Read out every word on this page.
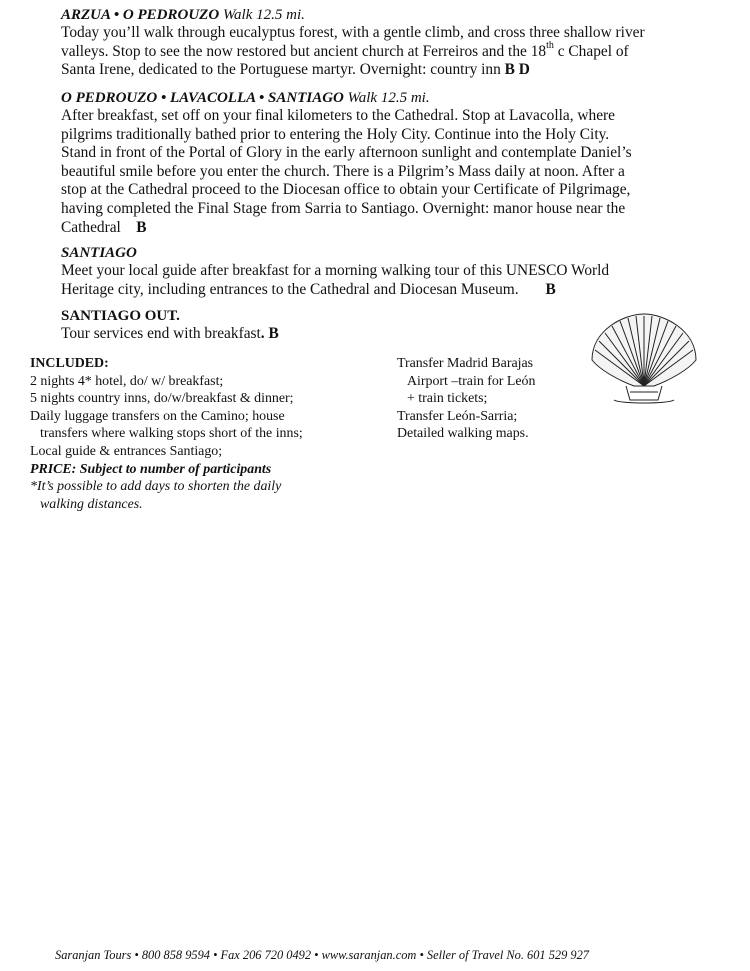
ARZUA • O PEDROUZO Walk 12.5 mi.
Today you’ll walk through eucalyptus forest, with a gentle climb, and cross three shallow river
valleys. Stop to see the now restored but ancient church at Ferreiros and the 18th c Chapel of
Santa Irene, dedicated to the Portuguese martyr. Overnight: country inn B D
O PEDROUZO • LAVACOLLA • SANTIAGO Walk 12.5 mi.
After breakfast, set off on your final kilometers to the Cathedral. Stop at Lavacolla, where
pilgrims traditionally bathed prior to entering the Holy City. Continue into the Holy City.
Stand in front of the Portal of Glory in the early afternoon sunlight and contemplate Daniel’s
beautiful smile before you enter the church. There is a Pilgrim’s Mass daily at noon. After a
stop at the Cathedral proceed to the Diocesan office to obtain your Certificate of Pilgrimage,
having completed the Final Stage from Sarria to Santiago. Overnight: manor house near the
Cathedral B
SANTIAGO
Meet your local guide after breakfast for a morning walking tour of this UNESCO World
Heritage city, including entrances to the Cathedral and Diocesan Museum. B
SANTIAGO OUT.
Tour services end with breakfast. B
INCLUDED:
2 nights 4* hotel, do/ w/ breakfast;
5 nights country inns, do/w/breakfast & dinner;
Daily luggage transfers on the Camino; house
transfers where walking stops short of the inns;
Local guide & entrances Santiago;
PRICE: Subject to number of participants
*It’s possible to add days to shorten the daily
walking distances.
Transfer Madrid Barajas
Airport –train for León
+ train tickets;
Transfer León-Sarria;
Detailed walking maps.
Saranjan Tours • 800 858 9594 • Fax 206 720 0492 • www.saranjan.com • Seller of Travel No. 601 529 927
